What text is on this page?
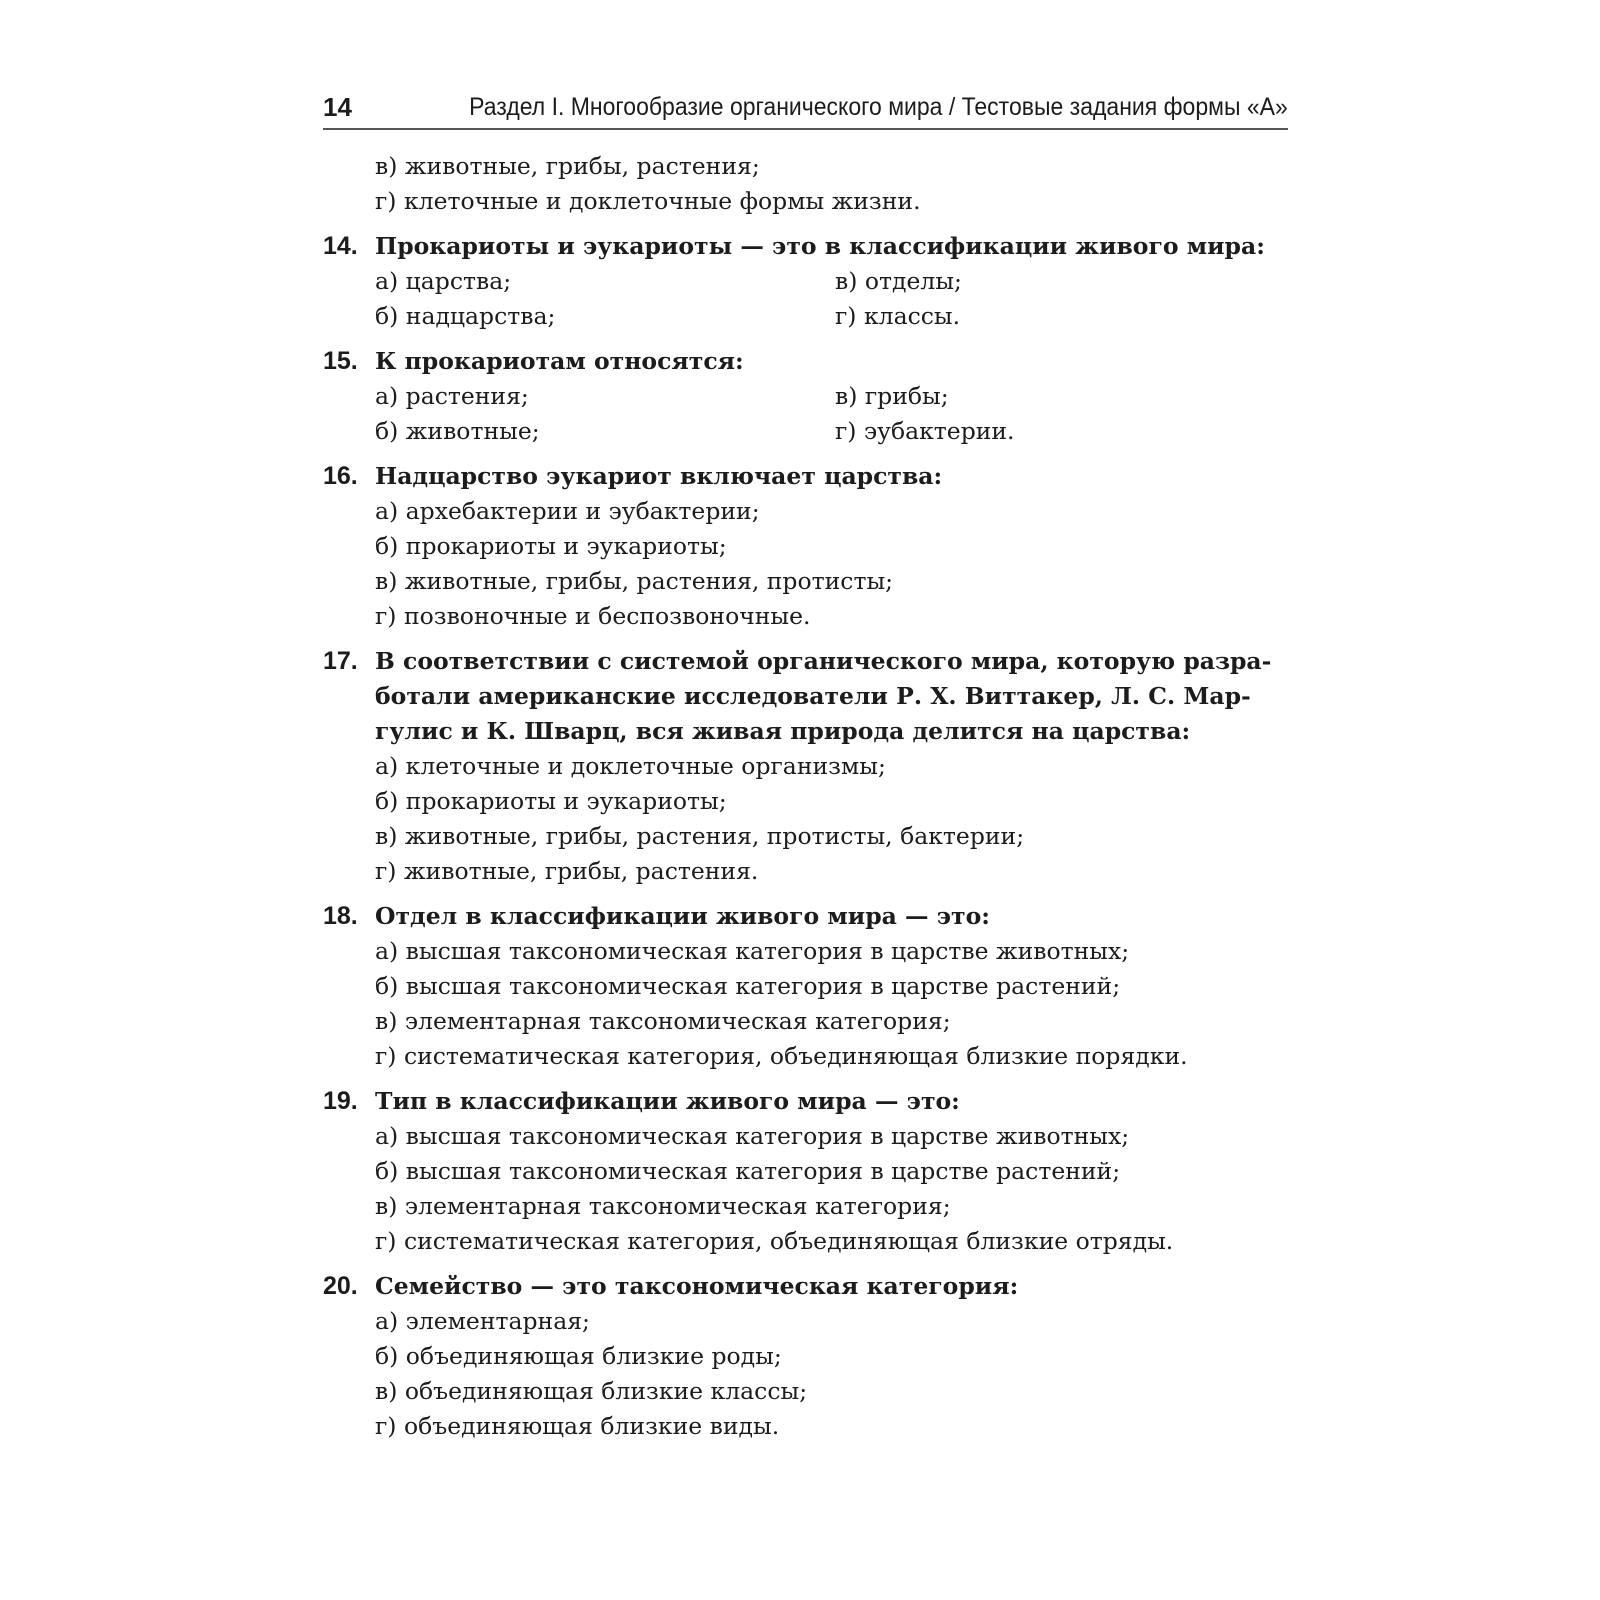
14	Раздел I. Многообразие органического мира / Тестовые задания формы «А»
в) животные, грибы, растения;
г) клеточные и доклеточные формы жизни.
14. Прокариоты и эукариоты — это в классификации живого мира:
а) царства;	в) отделы;
б) надцарства;	г) классы.
15. К прокариотам относятся:
а) растения;	в) грибы;
б) животные;	г) эубактерии.
16. Надцарство эукариот включает царства:
а) архебактерии и эубактерии;
б) прокариоты и эукариоты;
в) животные, грибы, растения, протисты;
г) позвоночные и беспозвоночные.
17. В соответствии с системой органического мира, которую разра-
ботали американские исследователи Р. Х. Виттакер, Л. С. Мар-
гулис и К. Шварц, вся живая природа делится на царства:
а) клеточные и доклеточные организмы;
б) прокариоты и эукариоты;
в) животные, грибы, растения, протисты, бактерии;
г) животные, грибы, растения.
18. Отдел в классификации живого мира — это:
а) высшая таксономическая категория в царстве животных;
б) высшая таксономическая категория в царстве растений;
в) элементарная таксономическая категория;
г) систематическая категория, объединяющая близкие порядки.
19. Тип в классификации живого мира — это:
а) высшая таксономическая категория в царстве животных;
б) высшая таксономическая категория в царстве растений;
в) элементарная таксономическая категория;
г) систематическая категория, объединяющая близкие отряды.
20. Семейство — это таксономическая категория:
а) элементарная;
б) объединяющая близкие роды;
в) объединяющая близкие классы;
г) объединяющая близкие виды.
